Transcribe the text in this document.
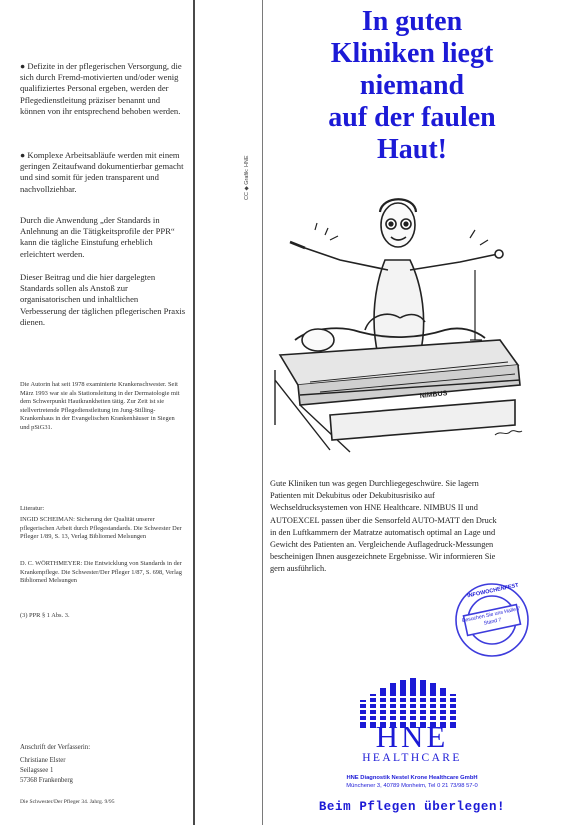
● Defizite in der pflegerischen Versorgung, die sich durch Fremd-motivierten und/oder wenig qualifiziertes Personal ergeben, werden der Pflegedienstleitung präziser benannt und können von ihr entsprechend behoben werden.
● Komplexe Arbeitsabläufe werden mit einem geringen Zeitaufwand dokumentierbar gemacht und sind somit für jeden transparent und nachvollziehbar.
Durch die Anwendung „der Standards in Anlehnung an die Tätigkeitsprofile der PPR“ kann die tägliche Einstufung erheblich erleichtert werden.
Dieser Beitrag und die hier dargelegten Standards sollen als Anstoß zur organisatorischen und inhaltlichen Verbesserung der täglichen pflegerischen Praxis dienen.
Die Autorin hat seit 1978 examinierte Krankenschwester. Seit März 1993 war sie als Stationsleitung in der Dermatologie mit dem Schwerpunkt Hautkrankheiten tätig. Zur Zeit ist sie stellvertretende Pflegedienstleitung im Jung-Stilling-Krankenhaus in der Evangelischen Krankenhäuser in Siegen und pSiG31.
Literatur:
INGID SCHEIMAN: Sicherung der Qualität unserer pflegerischen Arbeit durch Pflegestandards. Die Schwester Der Pfleger 1/89, S. 13, Verlag Bibliomed Melsungen
D. C. WÖRTHMEYER: Die Entwicklung von Standards in der Krankenpflege. Die Schwester/Der Pfleger 1/87, S. 698, Verlag Bibliomed Melsungen
(3) PPR § 1 Abs. 3.
Anschrift der Verfasserin:
Christiane Elster
Seilagssee 1
57368 Frankenberg
Die Schwester/Der Pfleger 34. Jahrg. 9/95
In guten
Kliniken liegt
niemand
auf der faulen
Haut!
CC ◆ Grafik: HNE
NIMBUS
Gute Kliniken tun was gegen Durchliegegeschwüre. Sie lagern Patienten mit Dekubitus oder Dekubitusrisiko auf Wechseldrucksystemen von HNE Healthcare. NIMBUS II und AUTOEXCEL passen über die Sensorfeld AUTO-MATT den Druck in den Luftkammern der Matratze automatisch optimal an Lage und Gewicht des Patienten an. Vergleichende Auflagedruck-Messungen bescheinigen Ihnen ausgezeichnete Ergebnisse. Wir informieren Sie gern ausführlich.
INFOWOCHENFEST
Besuchen Sie uns Halle 7 Stand 7
HNE
HEALTHCARE
HNE Diagnostik Nestel Krone Healthcare GmbH
Münchener 3, 40789 Monheim, Tel 0 21 73/98 57-0
Beim Pflegen überlegen!
